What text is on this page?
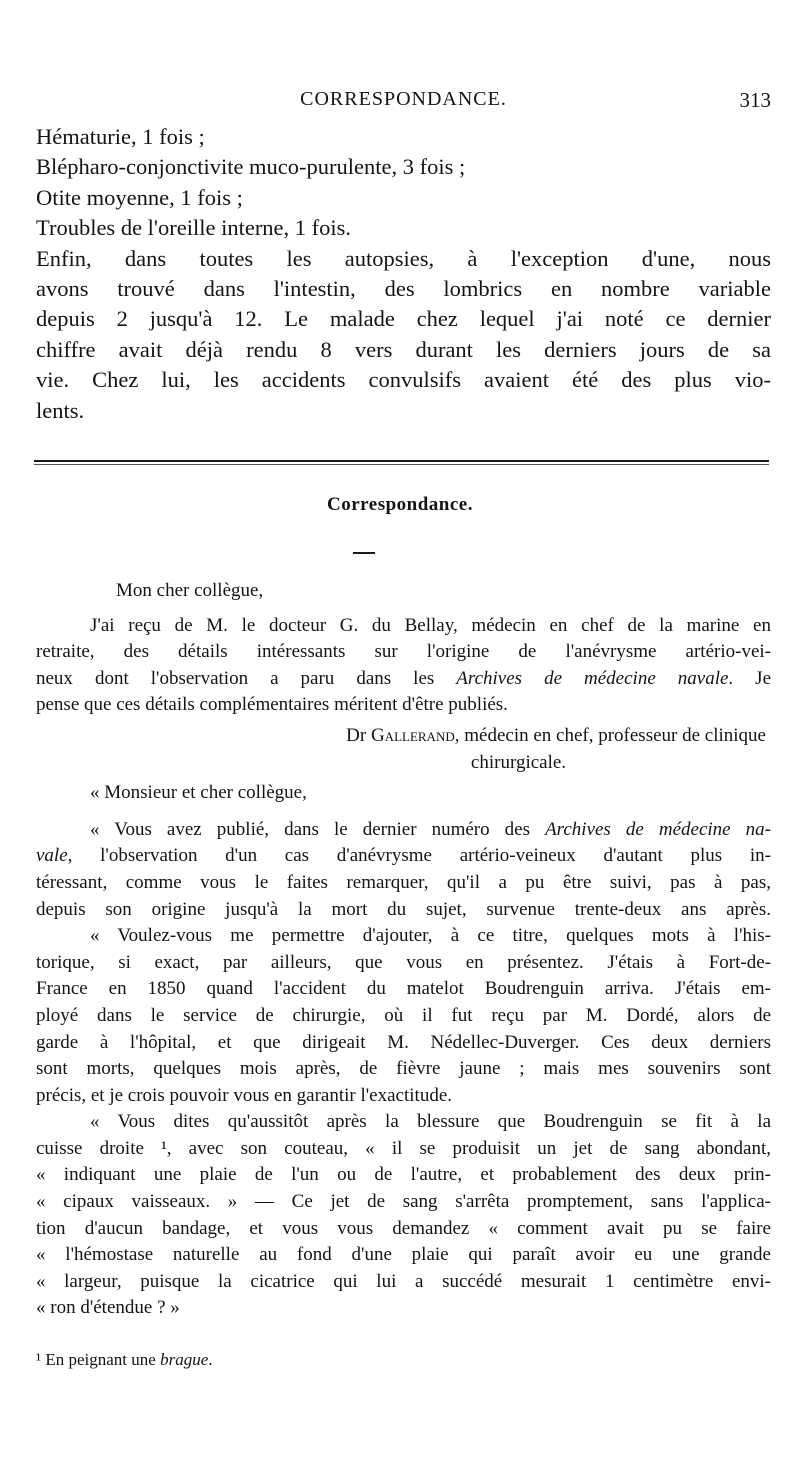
CORRESPONDANCE.	313
Hématurie, 1 fois ;
Blépharo-conjonctivite muco-purulente, 3 fois ;
Otite moyenne, 1 fois ;
Troubles de l'oreille interne, 1 fois.
Enfin, dans toutes les autopsies, à l'exception d'une, nous
avons trouvé dans l'intestin, des lombrics en nombre variable
depuis 2 jusqu'à 12. Le malade chez lequel j'ai noté ce dernier
chiffre avait déjà rendu 8 vers durant les derniers jours de sa
vie. Chez lui, les accidents convulsifs avaient été des plus vio-
lents.
Correspondance.
Mon cher collègue,
J'ai reçu de M. le docteur G. du Bellay, médecin en chef de la marine en
retraite, des détails intéressants sur l'origine de l'anévrysme artério-vei-
neux dont l'observation a paru dans les Archives de médecine navale. Je
pense que ces détails complémentaires méritent d'être publiés.
Dr Gallerand, médecin en chef, professeur de clinique
chirurgicale.
« Monsieur et cher collègue,
« Vous avez publié, dans le dernier numéro des Archives de médecine na-
vale, l'observation d'un cas d'anévrysme artério-veineux d'autant plus in-
téressant, comme vous le faites remarquer, qu'il a pu être suivi, pas à pas,
depuis son origine jusqu'à la mort du sujet, survenue trente-deux ans après.
« Voulez-vous me permettre d'ajouter, à ce titre, quelques mots à l'his-
torique, si exact, par ailleurs, que vous en présentez. J'étais à Fort-de-
France en 1850 quand l'accident du matelot Boudrenguin arriva. J'étais em-
ployé dans le service de chirurgie, où il fut reçu par M. Dordé, alors de
garde à l'hôpital, et que dirigeait M. Nédellec-Duverger. Ces deux derniers
sont morts, quelques mois après, de fièvre jaune ; mais mes souvenirs sont
précis, et je crois pouvoir vous en garantir l'exactitude.
« Vous dites qu'aussitôt après la blessure que Boudrenguin se fit à la
cuisse droite ¹, avec son couteau, « il se produisit un jet de sang abondant,
« indiquant une plaie de l'un ou de l'autre, et probablement des deux prin-
« cipaux vaisseaux. » — Ce jet de sang s'arrêta promptement, sans l'applica-
tion d'aucun bandage, et vous vous demandez « comment avait pu se faire
« l'hémostase naturelle au fond d'une plaie qui paraît avoir eu une grande
« largeur, puisque la cicatrice qui lui a succédé mesurait 1 centimètre envi-
« ron d'étendue ? »
¹ En peignant une brague.
